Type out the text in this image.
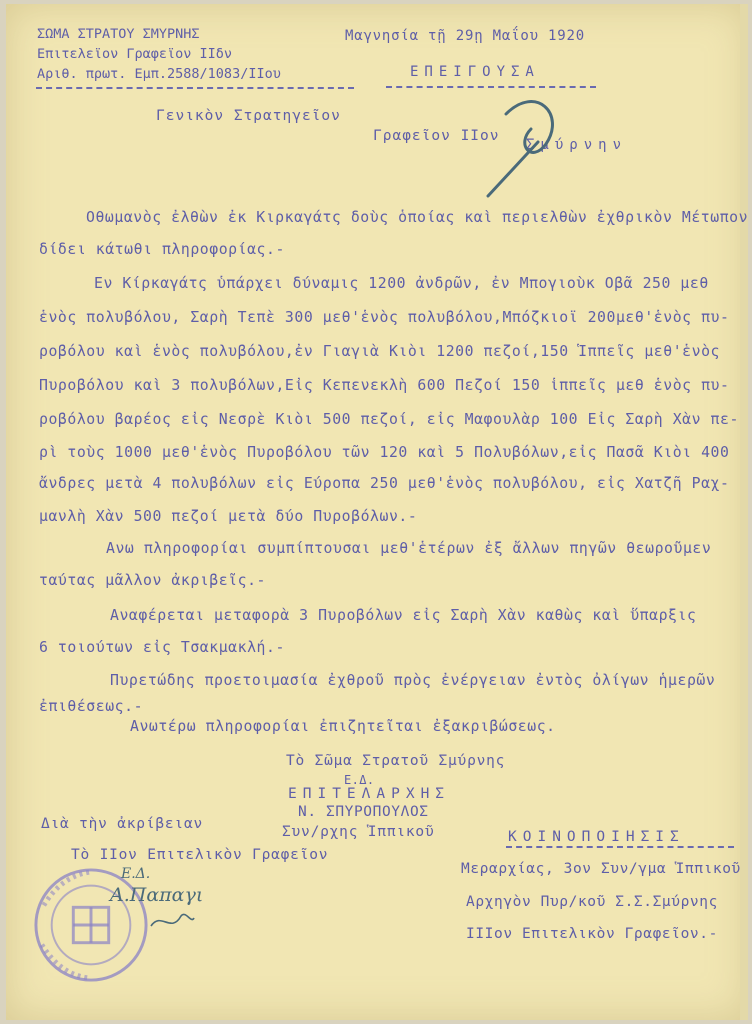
ΣΩΜΑ ΣΤΡΑΤΟΥ ΣΜΥΡΝΗΣ
Επιτελεϊον Γραφεϊον IIδν
Αριθ. πρωτ. Εμπ.2588/1083/IIου
Μαγνησία τῇ 29ῃ Μαΐου 1920
ΕΠΕΙΓΟΥΣΑ
Γενικὸν Στρατηγεῖον
Γραφεῖον IIον
Σμύρνην
Οθωμανὸς ἐλθὼν ἐκ Κιρκαγάτς δοὺς ὁποίας καὶ περιελθὼν ἐχθρικὸν Μέτωπον
δίδει κάτωθι πληροφορίας.-
Εν Κίρκαγάτς ὑπάρχει δύναμις 1200 ἀνδρῶν, ἐν Μπογιοὺκ Οβᾶ 250 μεθ
ἑνὸς πολυβόλου, Σαρὴ Τεπὲ 300 μεθ'ἑνὸς πολυβόλου,Μπόζκιοϊ 200μεθ'ἑνὸς πυ-
ροβόλου καὶ ἑνὸς πολυβόλου,ἐν Γιαγιὰ Κιὸι 1200 πεζοί,150 Ἱππεῖς μεθ'ἑνὸς
Πυροβόλου καὶ 3 πολυβόλων,Εἰς Κεπενεκλὴ 600 Πεζοί 150 ἱππεῖς μεθ ἑνὸς πυ-
ροβόλου βαρέος εἰς Νεσρὲ Κιὸι 500 πεζοί, εἰς Μαφουλὰρ 100 Εἰς Σαρὴ Χὰν πε-
ρὶ τοὺς 1000 μεθ'ἑνὸς Πυροβόλου τῶν 120 καὶ 5 Πολυβόλων,εἰς Πασᾶ Κιὸι 400
ἄνδρες μετὰ 4 πολυβόλων εἰς Εύροπα 250 μεθ'ἑνὸς πολυβόλου, εἰς Χατζῆ Ραχ-
μανλὴ Χὰν 500 πεζοί μετὰ δύο Πυροβόλων.-
Ανω πληροφορίαι συμπίπτουσαι μεθ'ἑτέρων ἐξ ἄλλων πηγῶν θεωροῦμεν
ταύτας μᾶλλον ἀκριβεῖς.-
Αναφέρεται μεταφορὰ 3 Πυροβόλων εἰς Σαρὴ Χὰν καθὼς καὶ ὕπαρξις
6 τοιούτων εἰς Τσακμακλή.-
Πυρετώδης προετοιμασία ἐχθροῦ πρὸς ἐνέργειαν ἐντὸς ὀλίγων ἡμερῶν
ἐπιθέσεως.-
Ανωτέρω πληροφορίαι ἐπιζητεῖται ἐξακριβώσεως.
Τὸ Σῶμα Στρατοῦ Σμύρνης
Ε.Δ.
ΕΠΙΤΕΛΑΡΧΗΣ
Ν. ΣΠΥΡΟΠΟΥΛΟΣ
Συν/ρχης Ἱππικοῦ
Διὰ τὴν ἀκρίβειαν
Τὸ IIον Επιτελικὸν Γραφεῖον
ΚΟΙΝΟΠΟΙΗΣΙΣ
Μεραρχίας, 3ον Συν/γμα Ἱππικοῦ
Αρχηγὸν Πυρ/κοῦ Σ.Σ.Σμύρνης
IIIον Επιτελικὸν Γραφεῖον.-
Ε.Δ.
Α.Παπαγι
